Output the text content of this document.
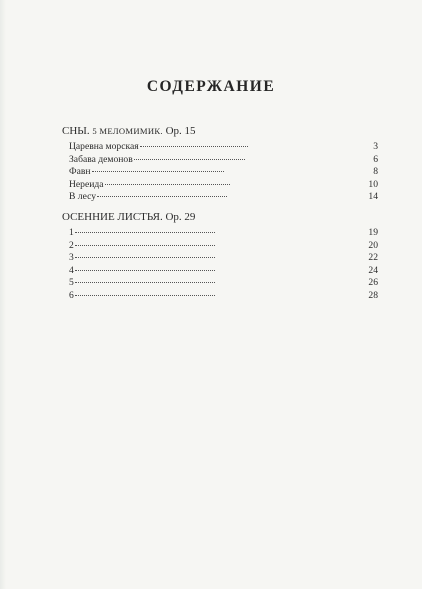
СОДЕРЖАНИЕ
СНЫ. 5 МЕЛОМИМИК. Op. 15
Царевна морская	3
Забава демонов	6
Фавн	8
Нереида	10
В лесу	14
ОСЕННИЕ ЛИСТЬЯ. Op. 29
1	19
2	20
3	22
4	24
5	26
6	28
